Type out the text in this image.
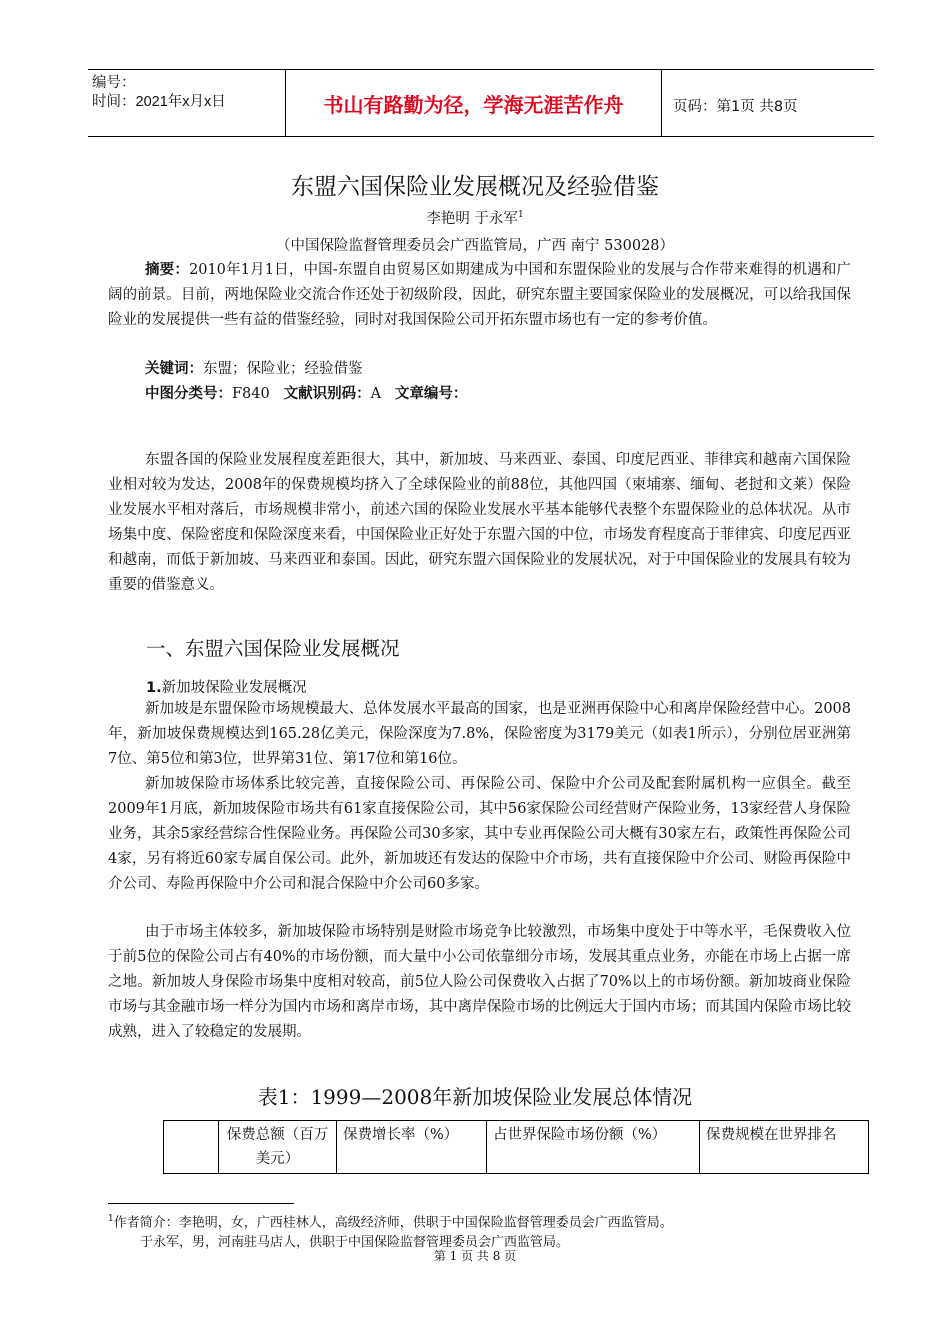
编号：
时间：2021年x月x日	书山有路勤为径，学海无涯苦作舟	页码：第1页 共8页
东盟六国保险业发展概况及经验借鉴
李艳明 于永军$^1$
（中国保险监督管理委员会广西监管局，广西 南宁 530028）
摘要：2010年1月1日，中国-东盟自由贸易区如期建成为中国和东盟保险业的发展与合作带来难得的机遇和广阔的前景。目前，两地保险业交流合作还处于初级阶段，因此，研究东盟主要国家保险业的发展概况，可以给我国保险业的发展提供一些有益的借鉴经验，同时对我国保险公司开拓东盟市场也有一定的参考价值。
关键词：东盟；保险业；经验借鉴
中图分类号：F840 文献识别码：A 文章编号：
东盟各国的保险业发展程度差距很大，其中，新加坡、马来西亚、泰国、印度尼西亚、菲律宾和越南六国保险业相对较为发达，2008年的保费规模均挤入了全球保险业的前88位，其他四国（柬埔寨、缅甸、老挝和文莱）保险业发展水平相对落后，市场规模非常小，前述六国的保险业发展水平基本能够代表整个东盟保险业的总体状况。从市场集中度、保险密度和保险深度来看，中国保险业正好处于东盟六国的中位，市场发育程度高于菲律宾、印度尼西亚和越南，而低于新加坡、马来西亚和泰国。因此，研究东盟六国保险业的发展状况，对于中国保险业的发展具有较为重要的借鉴意义。
一、东盟六国保险业发展概况
1.新加坡保险业发展概况
新加坡是东盟保险市场规模最大、总体发展水平最高的国家，也是亚洲再保险中心和离岸保险经营中心。2008年，新加坡保费规模达到165.28亿美元，保险深度为7.8%，保险密度为3179美元（如表1所示），分别位居亚洲第7位、第5位和第3位，世界第31位、第17位和第16位。
新加坡保险市场体系比较完善，直接保险公司、再保险公司、保险中介公司及配套附属机构一应俱全。截至2009年1月底，新加坡保险市场共有61家直接保险公司，其中56家保险公司经营财产保险业务，13家经营人身保险业务，其余5家经营综合性保险业务。再保险公司30多家，其中专业再保险公司大概有30家左右，政策性再保险公司4家，另有将近60家专属自保公司。此外，新加坡还有发达的保险中介市场，共有直接保险中介公司、财险再保险中介公司、寿险再保险中介公司和混合保险中介公司60多家。
由于市场主体较多，新加坡保险市场特别是财险市场竞争比较激烈，市场集中度处于中等水平，毛保费收入位于前5位的保险公司占有40%的市场份额，而大量中小公司依靠细分市场，发展其重点业务，亦能在市场上占据一席之地。新加坡人身保险市场集中度相对较高，前5位人险公司保费收入占据了70%以上的市场份额。新加坡商业保险市场与其金融市场一样分为国内市场和离岸市场，其中离岸保险市场的比例远大于国内市场；而其国内保险市场比较成熟，进入了较稳定的发展期。
表1：1999—2008年新加坡保险业发展总体情况
	保费总额（百万美元）	保费增长率（%）	占世界保险市场份额（%）	保费规模在世界排名
$^1$作者简介：李艳明，女，广西桂林人，高级经济师，供职于中国保险监督管理委员会广西监管局。
于永军，男，河南驻马店人，供职于中国保险监督管理委员会广西监管局。
第 1 页 共 8 页
